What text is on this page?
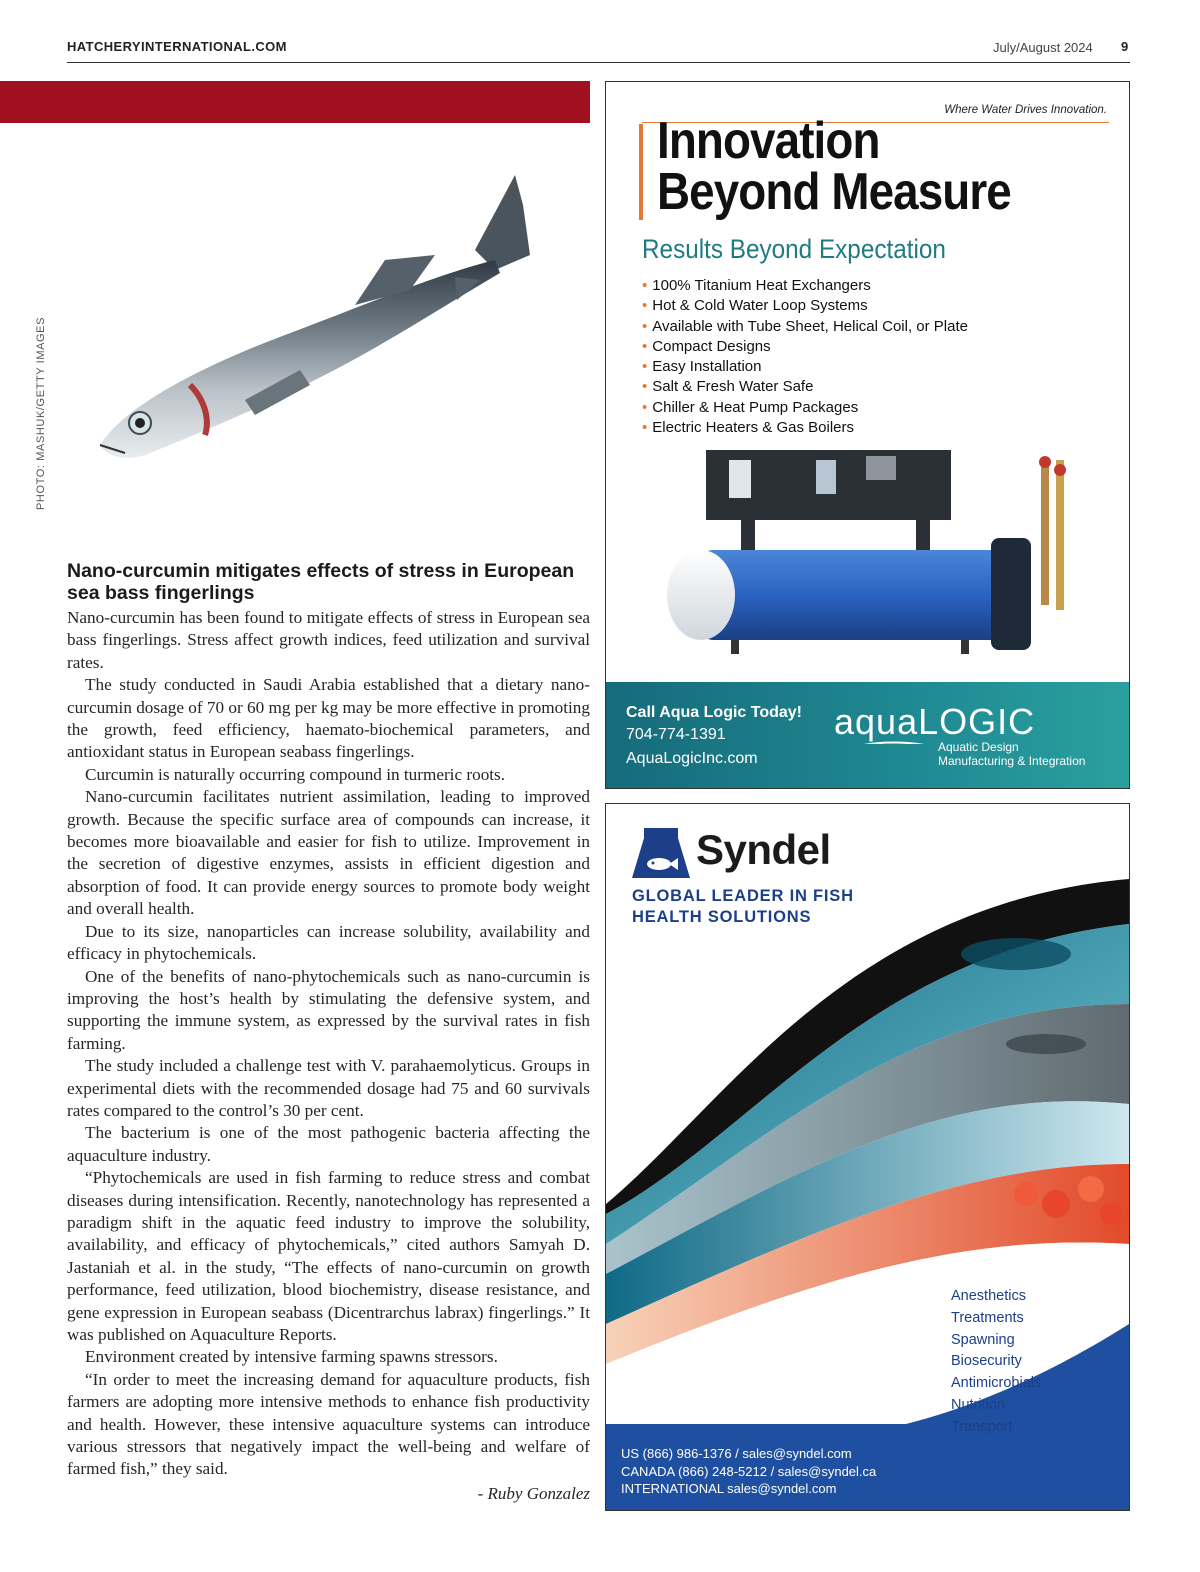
HATCHERYINTERNATIONAL.COM	July/August 2024 9
PHOTO: MASHUK/GETTY IMAGES
Nano-curcumin mitigates effects of stress in European sea bass fingerlings

Nano-curcumin has been found to mitigate effects of stress in European sea bass fingerlings. Stress affect growth indices, feed utilization and survival rates.

The study conducted in Saudi Arabia established that a dietary nano-curcumin dosage of 70 or 60 mg per kg may be more effective in promoting the growth, feed efficiency, haemato-biochemical parameters, and antioxidant status in European seabass fingerlings.

Curcumin is naturally occurring compound in turmeric roots.

Nano-curcumin facilitates nutrient assimilation, leading to improved growth. Because the specific surface area of compounds can increase, it becomes more bioavailable and easier for fish to utilize. Improvement in the secretion of digestive enzymes, assists in efficient digestion and absorption of food. It can provide energy sources to promote body weight and overall health.

Due to its size, nanoparticles can increase solubility, availability and efficacy in phytochemicals.

One of the benefits of nano-phytochemicals such as nano-curcumin is improving the host’s health by stimulating the defensive system, and supporting the immune system, as expressed by the survival rates in fish farming.

The study included a challenge test with V. parahaemolyticus. Groups in experimental diets with the recommended dosage had 75 and 60 survivals rates compared to the control’s 30 per cent.

The bacterium is one of the most pathogenic bacteria affecting the aquaculture industry.

“Phytochemicals are used in fish farming to reduce stress and combat diseases during intensification. Recently, nanotechnology has represented a paradigm shift in the aquatic feed industry to improve the solubility, availability, and efficacy of phytochemicals,” cited authors Samyah D. Jastaniah et al. in the study, “The effects of nano-curcumin on growth performance, feed utilization, blood biochemistry, disease resistance, and gene expression in European seabass (Dicentrarchus labrax) fingerlings.” It was published on Aquaculture Reports.

Environment created by intensive farming spawns stressors.

“In order to meet the increasing demand for aquaculture products, fish farmers are adopting more intensive methods to enhance fish productivity and health. However, these intensive aquaculture systems can introduce various stressors that negatively impact the well-being and welfare of farmed fish,” they said.

- Ruby Gonzalez
Where Water Drives Innovation.
Innovation
Beyond Measure
Results Beyond Expectation
• 100% Titanium Heat Exchangers
• Hot & Cold Water Loop Systems
• Available with Tube Sheet, Helical Coil, or Plate
• Compact Designs
• Easy Installation
• Salt & Fresh Water Safe
• Chiller & Heat Pump Packages
• Electric Heaters & Gas Boilers
Call Aqua Logic Today!
704-774-1391
AquaLogicInc.com
aquaLOGIC
Aquatic Design
Manufacturing & Integration
Syndel
GLOBAL LEADER IN FISH
HEALTH SOLUTIONS
Anesthetics
Treatments
Spawning
Biosecurity
Antimicrobials
Nutrition
Transport
US (866) 986-1376 / sales@syndel.com
CANADA (866) 248-5212 / sales@syndel.ca
INTERNATIONAL sales@syndel.com
